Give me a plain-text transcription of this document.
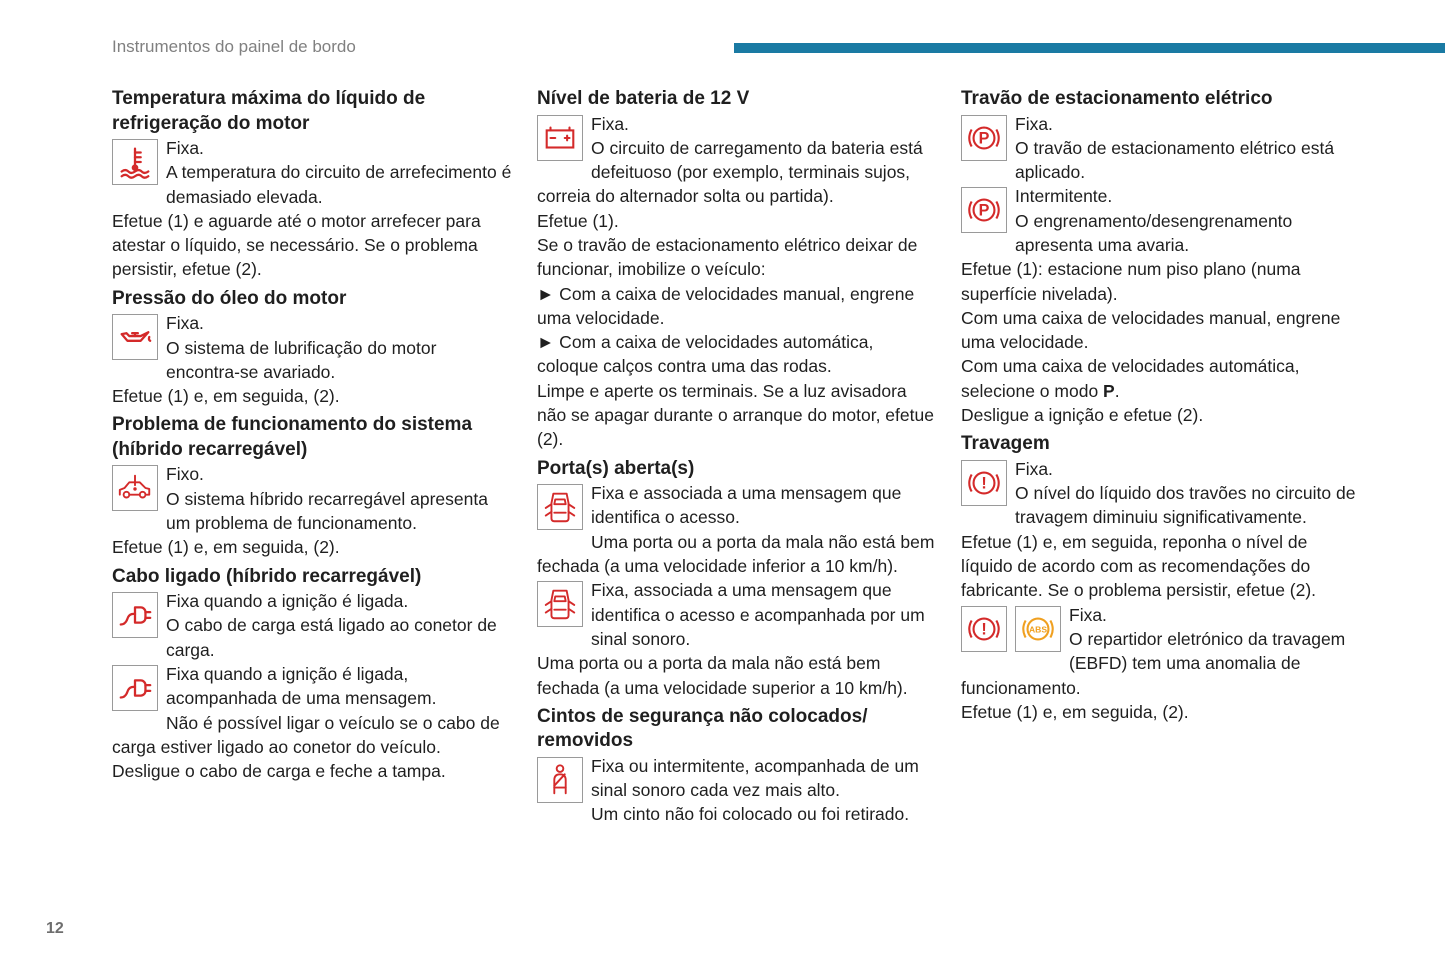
Instrumentos do painel de bordo
Temperatura máxima do líquido de refrigeração do motor

Fixa.

A temperatura do circuito de arrefecimento é demasiado elevada.

Efetue (1) e aguarde até o motor arrefecer para atestar o líquido, se necessário. Se o problema persistir, efetue (2).

Pressão do óleo do motor

Fixa.

O sistema de lubrificação do motor encontra-se avariado.

Efetue (1) e, em seguida, (2).

Problema de funcionamento do sistema (híbrido recarregável)

Fixo.

O sistema híbrido recarregável apresenta um problema de funcionamento.

Efetue (1) e, em seguida, (2).

Cabo ligado (híbrido recarregável)

Fixa quando a ignição é ligada.

O cabo de carga está ligado ao conetor de carga.

Fixa quando a ignição é ligada, acompanhada de uma mensagem.

Não é possível ligar o veículo se o cabo de carga estiver ligado ao conetor do veículo.

Desligue o cabo de carga e feche a tampa.

Nível de bateria de 12 V

Fixa.

O circuito de carregamento da bateria está defeituoso (por exemplo, terminais sujos, correia do alternador solta ou partida).

Efetue (1).

Se o travão de estacionamento elétrico deixar de funcionar, imobilize o veículo:

► Com a caixa de velocidades manual, engrene uma velocidade.

► Com a caixa de velocidades automática, coloque calços contra uma das rodas.

Limpe e aperte os terminais. Se a luz avisadora não se apagar durante o arranque do motor, efetue (2).

Porta(s) aberta(s)

Fixa e associada a uma mensagem que identifica o acesso.

Uma porta ou a porta da mala não está bem fechada (a uma velocidade inferior a 10 km/h).

Fixa, associada a uma mensagem que identifica o acesso e acompanhada por um sinal sonoro.

Uma porta ou a porta da mala não está bem fechada (a uma velocidade superior a 10 km/h).

Cintos de segurança não colocados/ removidos

Fixa ou intermitente, acompanhada de um sinal sonoro cada vez mais alto.

Um cinto não foi colocado ou foi retirado.

Travão de estacionamento elétrico
P

Fixa.

O travão de estacionamento elétrico está aplicado.

P

Intermitente.

O engrenamento/desengrenamento apresenta uma avaria.

Efetue (1): estacione num piso plano (numa superfície nivelada).

Com uma caixa de velocidades manual, engrene uma velocidade.

Com uma caixa de velocidades automática, selecione o modo P.

Desligue a ignição e efetue (2).

Travagem
!

Fixa.

O nível do líquido dos travões no circuito de travagem diminuiu significativamente.

Efetue (1) e, em seguida, reponha o nível de líquido de acordo com as recomendações do fabricante. Se o problema persistir, efetue (2).

!	ABS

Fixa.

O repartidor eletrónico da travagem (EBFD) tem uma anomalia de funcionamento.

Efetue (1) e, em seguida, (2).

12
